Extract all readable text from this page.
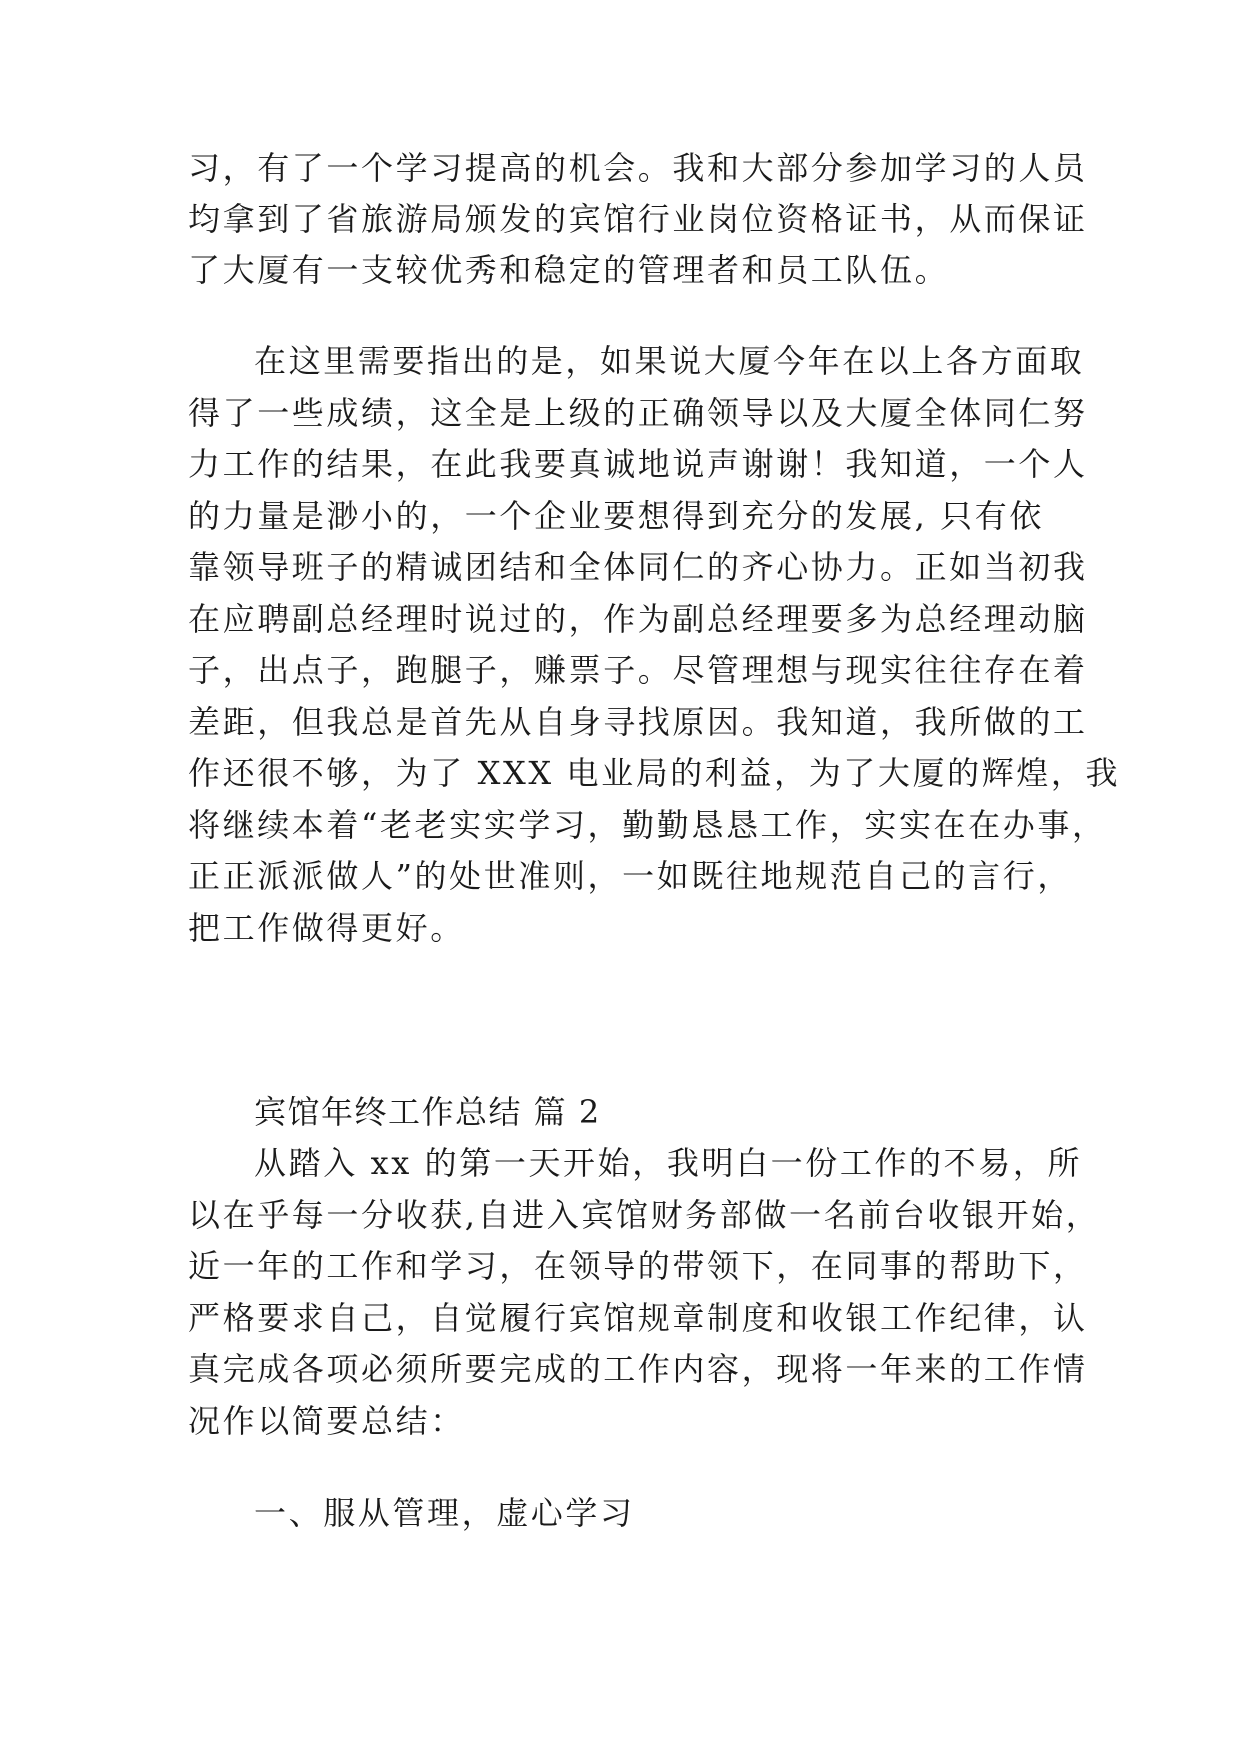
习，有了一个学习提高的机会。我和大部分参加学习的人员
均拿到了省旅游局颁发的宾馆行业岗位资格证书，从而保证
了大厦有一支较优秀和稳定的管理者和员工队伍。
在这里需要指出的是，如果说大厦今年在以上各方面取
得了一些成绩，这全是上级的正确领导以及大厦全体同仁努
力工作的结果，在此我要真诚地说声谢谢！我知道，一个人
的力量是渺小的，一个企业要想得到充分的发展, 只有依
靠领导班子的精诚团结和全体同仁的齐心协力。正如当初我
在应聘副总经理时说过的，作为副总经理要多为总经理动脑
子，出点子，跑腿子，赚票子。尽管理想与现实往往存在着
差距，但我总是首先从自身寻找原因。我知道，我所做的工
作还很不够，为了 XXX 电业局的利益，为了大厦的辉煌，我
将继续本着“老老实实学习，勤勤恳恳工作，实实在在办事，
正正派派做人”的处世准则，一如既往地规范自己的言行，
把工作做得更好。
宾馆年终工作总结 篇 2
从踏入 xx 的第一天开始，我明白一份工作的不易，所
以在乎每一分收获,自进入宾馆财务部做一名前台收银开始，
近一年的工作和学习，在领导的带领下，在同事的帮助下，
严格要求自己，自觉履行宾馆规章制度和收银工作纪律，认
真完成各项必须所要完成的工作内容，现将一年来的工作情
况作以简要总结：
一、服从管理，虚心学习
